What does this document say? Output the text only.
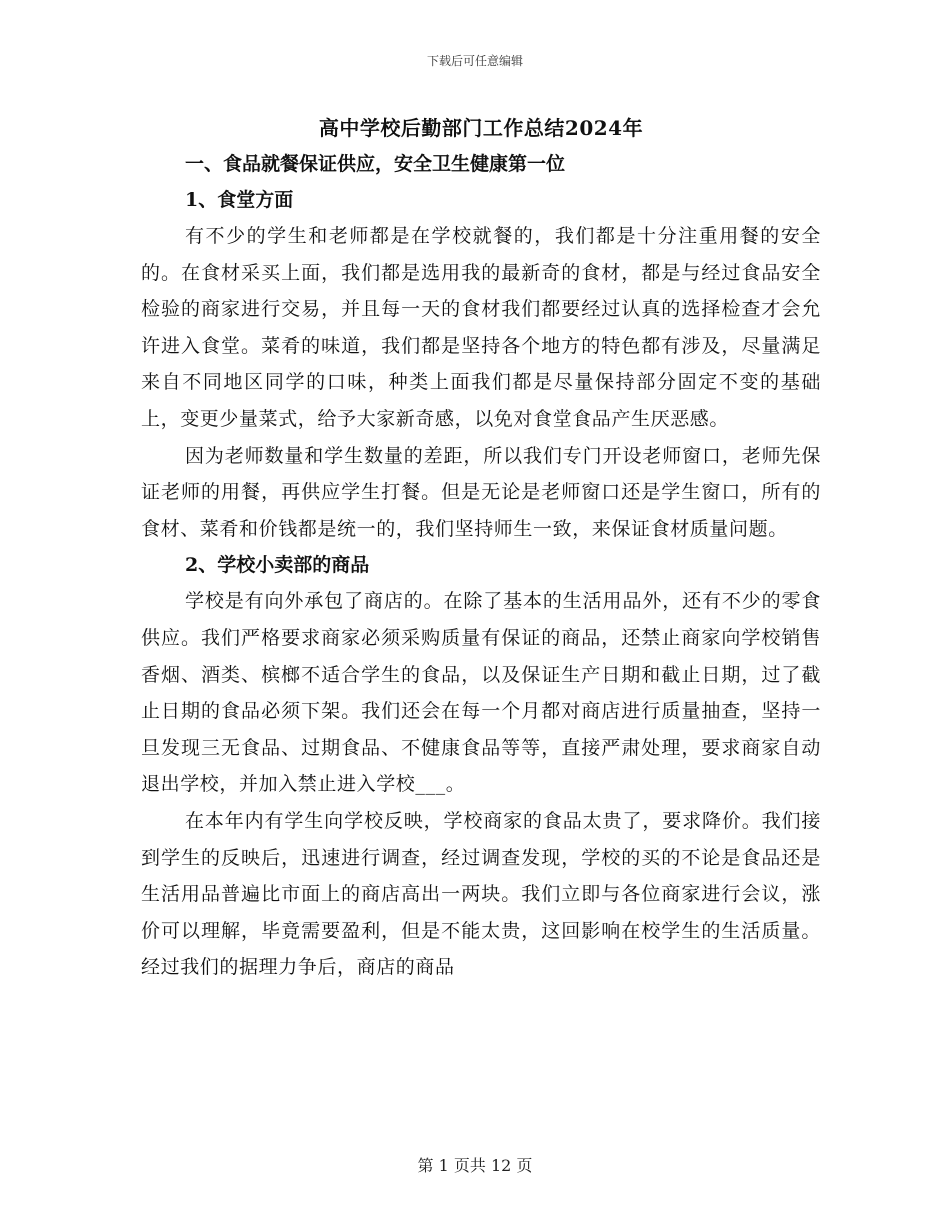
下载后可任意编辑
高中学校后勤部门工作总结2024年
一、食品就餐保证供应，安全卫生健康第一位
1、食堂方面

有不少的学生和老师都是在学校就餐的，我们都是十分注重用餐的安全的。在食材采买上面，我们都是选用我的最新奇的食材，都是与经过食品安全检验的商家进行交易，并且每一天的食材我们都要经过认真的选择检查才会允许进入食堂。菜肴的味道，我们都是坚持各个地方的特色都有涉及，尽量满足来自不同地区同学的口味，种类上面我们都是尽量保持部分固定不变的基础上，变更少量菜式，给予大家新奇感，以免对食堂食品产生厌恶感。

因为老师数量和学生数量的差距，所以我们专门开设老师窗口，老师先保证老师的用餐，再供应学生打餐。但是无论是老师窗口还是学生窗口，所有的食材、菜肴和价钱都是统一的，我们坚持师生一致，来保证食材质量问题。

2、学校小卖部的商品

学校是有向外承包了商店的。在除了基本的生活用品外，还有不少的零食供应。我们严格要求商家必须采购质量有保证的商品，还禁止商家向学校销售香烟、酒类、槟榔不适合学生的食品，以及保证生产日期和截止日期，过了截止日期的食品必须下架。我们还会在每一个月都对商店进行质量抽查，坚持一旦发现三无食品、过期食品、不健康食品等等，直接严肃处理，要求商家自动退出学校，并加入禁止进入学校___。

在本年内有学生向学校反映，学校商家的食品太贵了，要求降价。我们接到学生的反映后，迅速进行调查，经过调查发现，学校的买的不论是食品还是生活用品普遍比市面上的商店高出一两块。我们立即与各位商家进行会议，涨价可以理解，毕竟需要盈利，但是不能太贵，这回影响在校学生的生活质量。经过我们的据理力争后，商店的商品

第 1 页共 12 页
